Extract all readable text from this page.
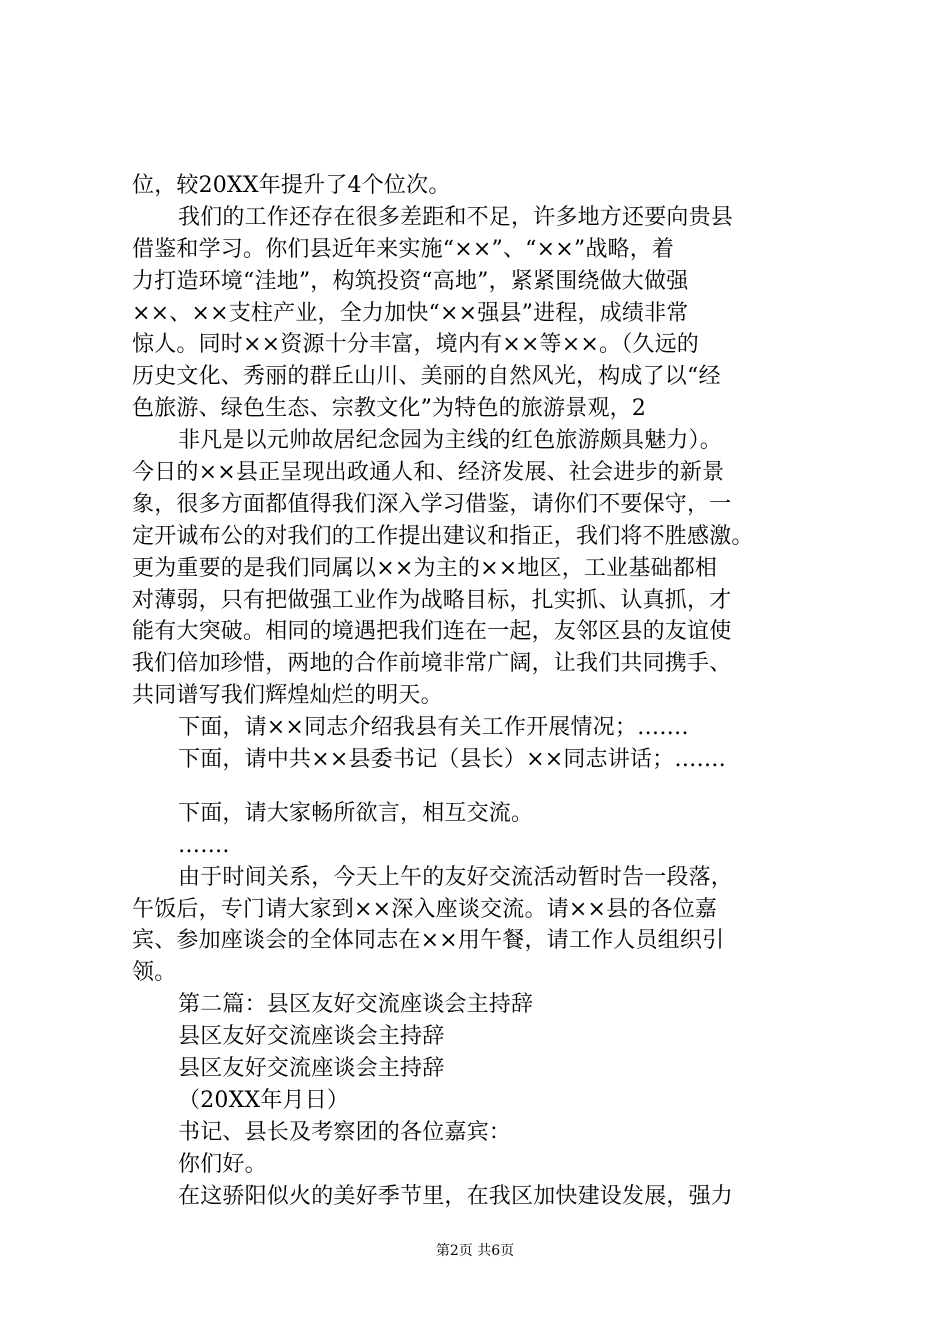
位，较20XX年提升了4个位次。
我们的工作还存在很多差距和不足，许多地方还要向贵县
借鉴和学习。你们县近年来实施“××”、“××”战略，着
力打造环境“洼地”，构筑投资“高地”，紧紧围绕做大做强
××、××支柱产业，全力加快“××强县”进程，成绩非常
惊人。同时××资源十分丰富，境内有××等××。（久远的
历史文化、秀丽的群丘山川、美丽的自然风光，构成了以“经
色旅游、绿色生态、宗教文化”为特色的旅游景观，2
非凡是以元帅故居纪念园为主线的红色旅游颇具魅力）。
今日的××县正呈现出政通人和、经济发展、社会进步的新景
象，很多方面都值得我们深入学习借鉴，请你们不要保守，一
定开诚布公的对我们的工作提出建议和指正，我们将不胜感激。
更为重要的是我们同属以××为主的××地区，工业基础都相
对薄弱，只有把做强工业作为战略目标，扎实抓、认真抓，才
能有大突破。相同的境遇把我们连在一起，友邻区县的友谊使
我们倍加珍惜，两地的合作前境非常广阔，让我们共同携手、
共同谱写我们辉煌灿烂的明天。
下面，请××同志介绍我县有关工作开展情况；…….
下面，请中共××县委书记（县长）××同志讲话；…….
下面，请大家畅所欲言，相互交流。
…….
由于时间关系，今天上午的友好交流活动暂时告一段落，
午饭后，专门请大家到××深入座谈交流。请××县的各位嘉
宾、参加座谈会的全体同志在××用午餐，请工作人员组织引
领。
第二篇：县区友好交流座谈会主持辞
县区友好交流座谈会主持辞
县区友好交流座谈会主持辞
（20XX年月日）
书记、县长及考察团的各位嘉宾：
你们好。
在这骄阳似火的美好季节里，在我区加快建设发展，强力
第2页 共6页
